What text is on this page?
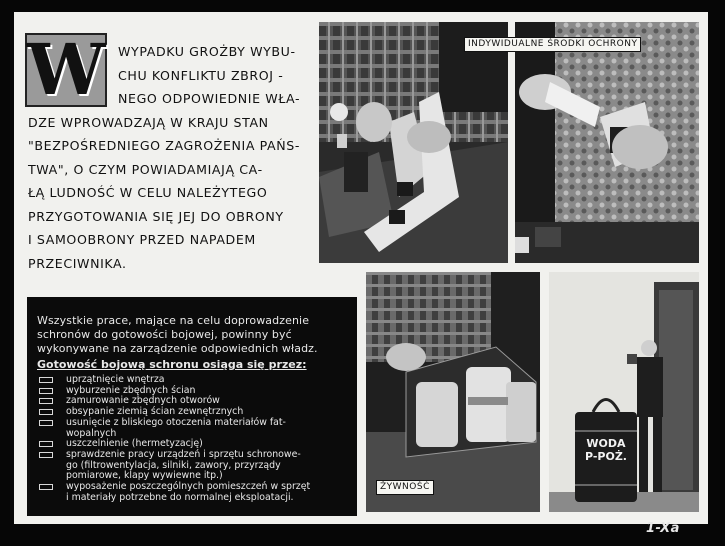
WYPADKU GROŻBY WYBU-
CHU KONFLIKTU ZBROJ -
NEGO ODPOWIEDNIE WŁA-
DZE WPROWADZAJĄ W KRAJU STAN
"BEZPOŚREDNIEGO ZAGROŻENIA PAŃS-
TWA", O CZYM POWIADAMIAJĄ CA-
ŁĄ LUDNOŚĆ W CELU NALEŻYTEGO
PRZYGOTOWANIA SIĘ JEJ DO OBRONY
I SAMOOBRONY PRZED NAPADEM
PRZECIWNIKA.
W
Wszystkie prace, mające na celu doprowadzenie
schronów do gotowości bojowej, powinny być
wykonywane na zarządzenie odpowiednich władz.
Gotowość bojową schronu osiąga się przez:
uprzątnięcie wnętrza
wyburzenie zbędnych ścian
zamurowanie zbędnych otworów
obsypanie ziemią ścian zewnętrznych
usunięcie z bliskiego otoczenia materiałów fat-
wopalnych
uszczelnienie (hermetyzację)
sprawdzenie pracy urządzeń i sprzętu schronowe-
go (filtrowentylacja, silniki, zawory, przyrządy
pomiarowe, klapy wywiewne itp.)
wyposażenie poszczególnych pomieszczeń w sprzęt
i materiały potrzebne do normalnej eksploatacji.
WODA
P-POŻ.
INDYWIDUALNE ŚRODKI OCHRONY
ŻYWNOŚĆ
1-Xa
